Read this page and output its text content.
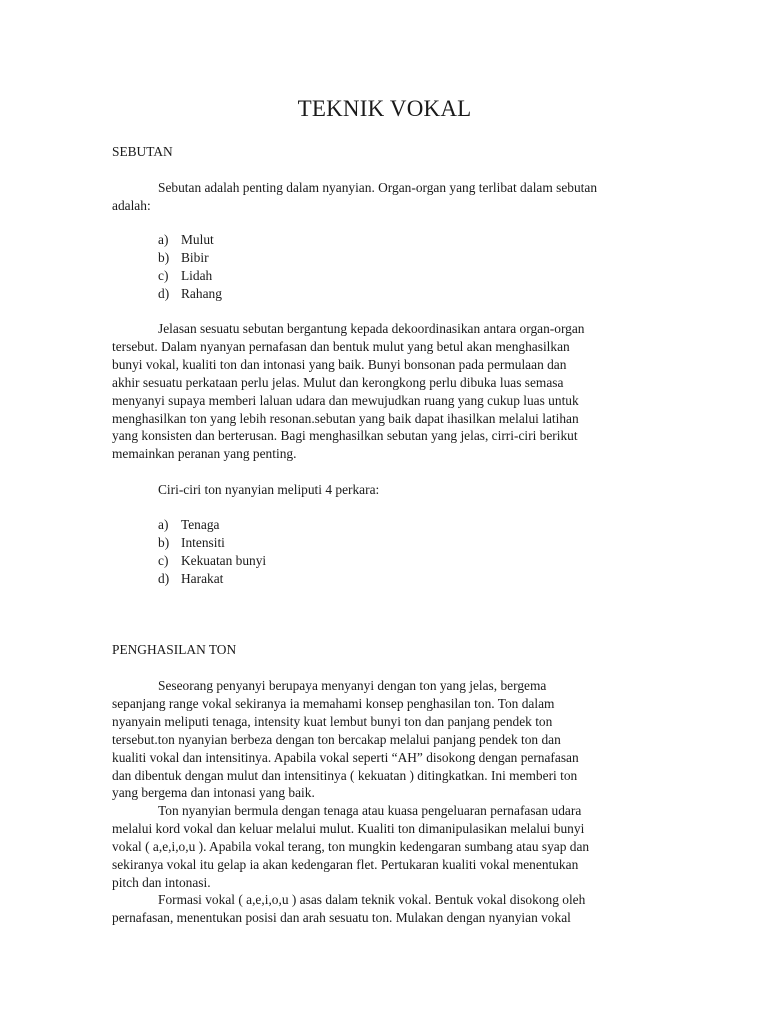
TEKNIK VOKAL
SEBUTAN
Sebutan adalah penting dalam nyanyian. Organ-organ yang terlibat dalam sebutan
adalah:
a) Mulut
b) Bibir
c) Lidah
d) Rahang
Jelasan sesuatu sebutan bergantung kepada dekoordinasikan antara organ-organ
tersebut. Dalam nyanyan pernafasan dan bentuk mulut yang betul akan menghasilkan
bunyi vokal, kualiti ton dan intonasi yang baik. Bunyi bonsonan pada permulaan dan
akhir sesuatu perkataan perlu jelas. Mulut dan kerongkong perlu dibuka luas semasa
menyanyi supaya memberi laluan udara dan mewujudkan ruang yang cukup luas untuk
menghasilkan ton yang lebih resonan.sebutan yang baik dapat ihasilkan melalui latihan
yang konsisten dan berterusan. Bagi menghasilkan sebutan yang jelas, cirri-ciri berikut
memainkan peranan yang penting.
Ciri-ciri ton nyanyian meliputi 4 perkara:
a) Tenaga
b) Intensiti
c) Kekuatan bunyi
d) Harakat
PENGHASILAN TON
Seseorang penyanyi berupaya menyanyi dengan ton yang jelas, bergema
sepanjang range vokal sekiranya ia memahami konsep penghasilan ton. Ton dalam
nyanyain meliputi tenaga, intensity kuat lembut bunyi ton dan panjang pendek ton
tersebut.ton nyanyian berbeza dengan ton bercakap melalui panjang pendek ton dan
kualiti vokal dan intensitinya. Apabila vokal seperti “AH” disokong dengan pernafasan
dan dibentuk dengan mulut dan intensitinya ( kekuatan ) ditingkatkan. Ini memberi ton
yang bergema dan intonasi yang baik.
Ton nyanyian bermula dengan tenaga atau kuasa pengeluaran pernafasan udara
melalui kord vokal dan keluar melalui mulut. Kualiti ton dimanipulasikan melalui bunyi
vokal ( a,e,i,o,u ). Apabila vokal terang, ton mungkin kedengaran sumbang atau syap dan
sekiranya vokal itu gelap ia akan kedengaran flet. Pertukaran kualiti vokal menentukan
pitch dan intonasi.
Formasi vokal ( a,e,i,o,u ) asas dalam teknik vokal. Bentuk vokal disokong oleh
pernafasan, menentukan posisi dan arah sesuatu ton. Mulakan dengan nyanyian vokal
